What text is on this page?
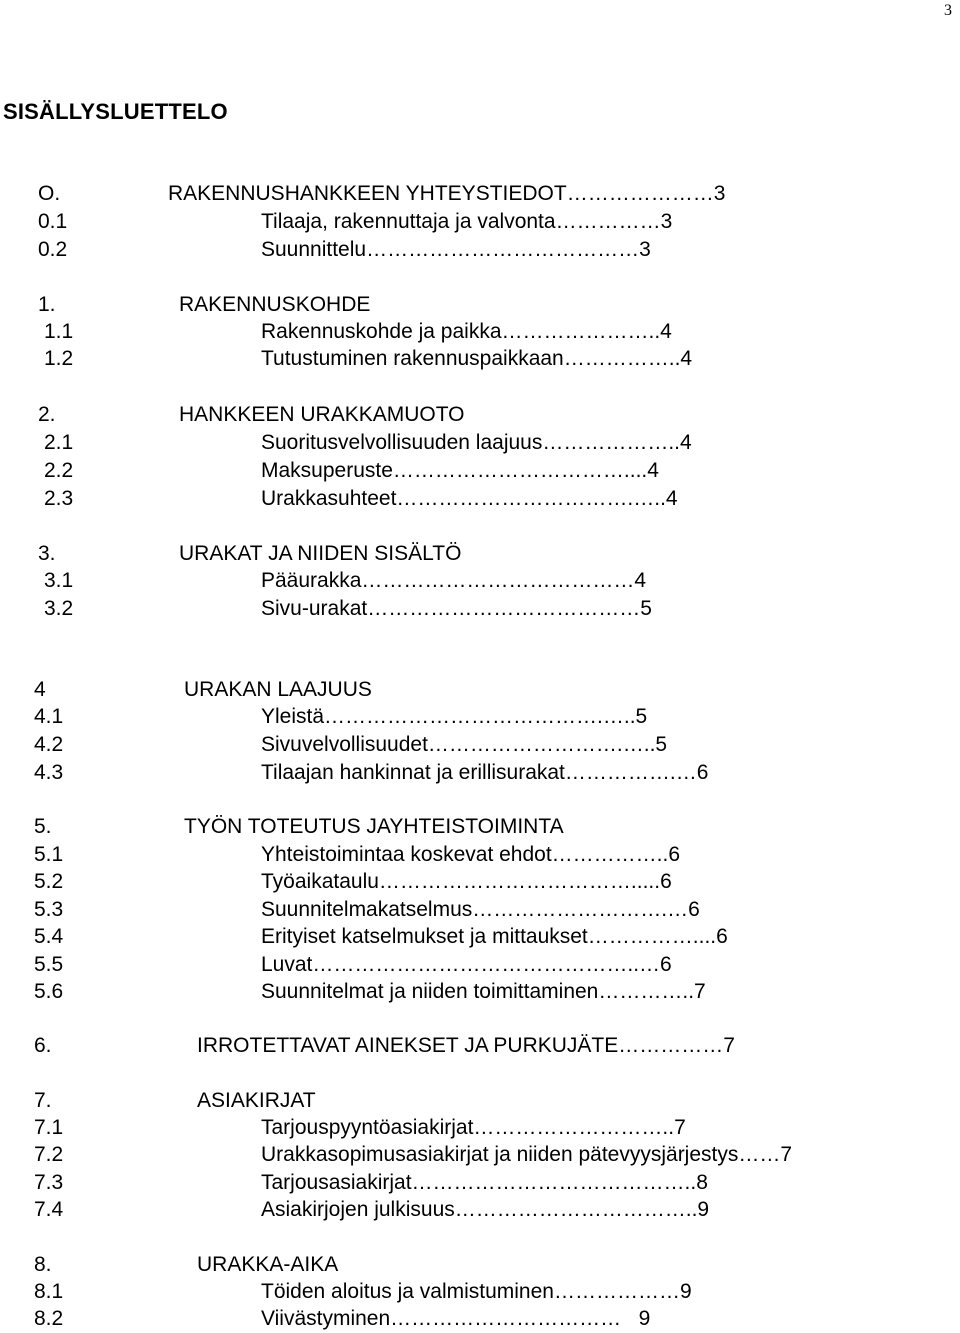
3
SISÄLLYSLUETTELO
O.	RAKENNUSHANKKEEN YHTEYSTIEDOT…………………3
0.1	Tilaaja, rakennuttaja ja valvonta……………3
0.2	Suunnittelu…………………………………3
1.	RAKENNUSKOHDE
1.1	Rakennuskohde ja paikka…………………..4
1.2	Tutustuminen rakennuspaikkaan……………..4
2.	HANKKEEN URAKKAMUOTO
2.1	Suoritusvelvollisuuden laajuus………………..4
2.2	Maksuperuste……………………………....4
2.3	Urakkasuhteet…………………………….…..4
3.	URAKAT JA NIIDEN SISÄLTÖ
3.1	Pääurakka…………………………………4
3.2	Sivu-urakat…………………………………5
4	URAKAN LAAJUUS
4.1	Yleistä………………………………….…..5
4.2	Sivuvelvollisuudet……………………….…..5
4.3	Tilaajan hankinnat ja erillisurakat…………….…6
5.	TYÖN TOTEUTUS JAYHTEISTOIMINTA
5.1	Yhteistoimintaa koskevat ehdot……………..6
5.2	Työaikataulu……………………………….....6
5.3	Suunnitelmakatselmus……………………….…6
5.4	Erityiset katselmukset ja mittaukset……………....6
5.5	Luvat………………………………………..…6
5.6	Suunnitelmat ja niiden toimittaminen…………..7
6.	IRROTETTAVAT AINEKSET JA PURKUJÄTE……………7
7.	ASIAKIRJAT
7.1	Tarjouspyyntöasiakirjat………………………..7
7.2	Urakkasopimusasiakirjat ja niiden pätevyysjärjestys……7
7.3	Tarjousasiakirjat…………………………………..8
7.4	Asiakirjojen julkisuus……………………………..9
8.	URAKKA-AIKA
8.1	Töiden aloitus ja valmistuminen………………9
8.2	Viivästyminen……………………………   9
